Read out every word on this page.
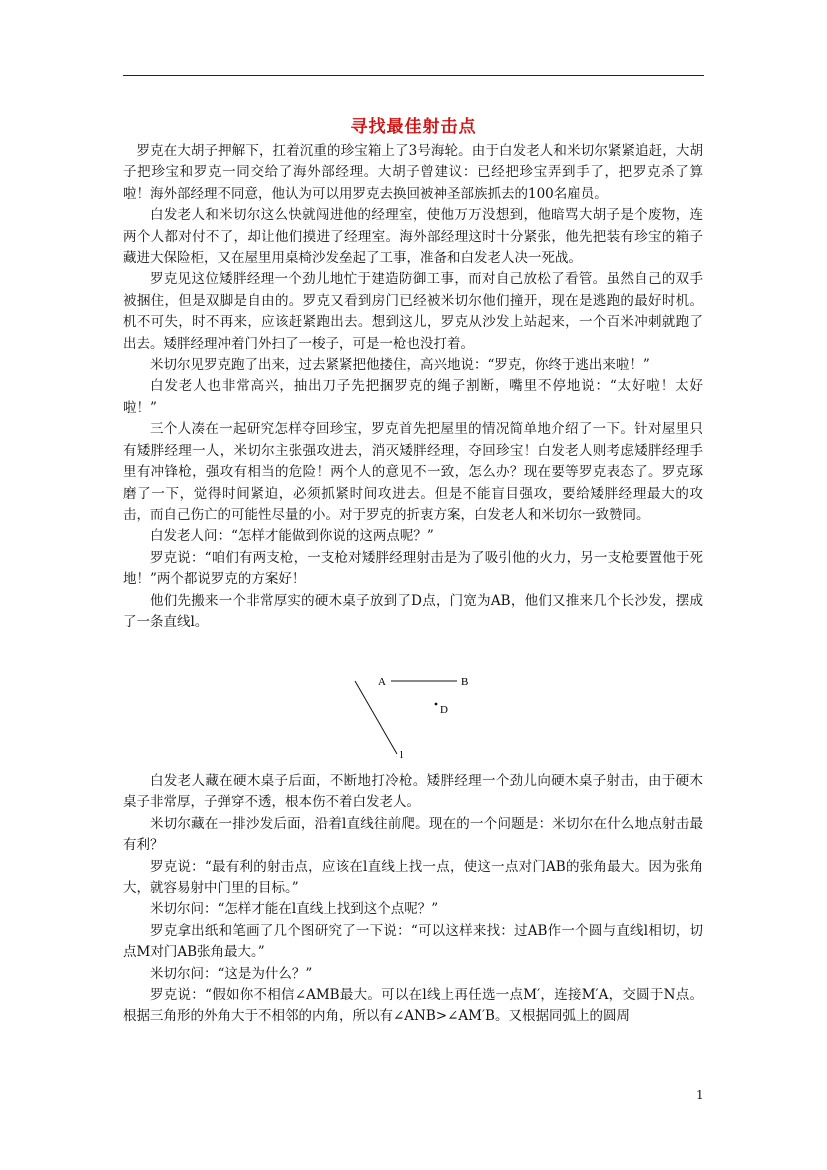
寻找最佳射击点

罗克在大胡子押解下，扛着沉重的珍宝箱上了3号海轮。由于白发老人和米切尔紧紧追赶，大胡子把珍宝和罗克一同交给了海外部经理。大胡子曾建议：已经把珍宝弄到手了，把罗克杀了算啦！海外部经理不同意，他认为可以用罗克去换回被神圣部族抓去的100名雇员。

白发老人和米切尔这么快就闯进他的经理室，使他万万没想到，他暗骂大胡子是个废物，连两个人都对付不了，却让他们摸进了经理室。海外部经理这时十分紧张，他先把装有珍宝的箱子藏进大保险柜，又在屋里用桌椅沙发垒起了工事，准备和白发老人决一死战。

罗克见这位矮胖经理一个劲儿地忙于建造防御工事，而对自己放松了看管。虽然自己的双手被捆住，但是双脚是自由的。罗克又看到房门已经被米切尔他们撞开，现在是逃跑的最好时机。机不可失，时不再来，应该赶紧跑出去。想到这儿，罗克从沙发上站起来，一个百米冲刺就跑了出去。矮胖经理冲着门外扫了一梭子，可是一枪也没打着。

米切尔见罗克跑了出来，过去紧紧把他搂住，高兴地说：“罗克，你终于逃出来啦！”

白发老人也非常高兴，抽出刀子先把捆罗克的绳子割断，嘴里不停地说：“太好啦！太好啦！”

三个人凑在一起研究怎样夺回珍宝，罗克首先把屋里的情况简单地介绍了一下。针对屋里只有矮胖经理一人，米切尔主张强攻进去，消灭矮胖经理，夺回珍宝！白发老人则考虑矮胖经理手里有冲锋枪，强攻有相当的危险！两个人的意见不一致，怎么办？现在要等罗克表态了。罗克琢磨了一下，觉得时间紧迫，必须抓紧时间攻进去。但是不能盲目强攻，要给矮胖经理最大的攻击，而自己伤亡的可能性尽量的小。对于罗克的折衷方案，白发老人和米切尔一致赞同。

白发老人问：“怎样才能做到你说的这两点呢？”

罗克说：“咱们有两支枪，一支枪对矮胖经理射击是为了吸引他的火力，另一支枪要置他于死地！”两个都说罗克的方案好！

他们先搬来一个非常厚实的硬木桌子放到了D点，门宽为AB，他们又推来几个长沙发，摆成了一条直线l。

A	B
D
l

白发老人藏在硬木桌子后面，不断地打冷枪。矮胖经理一个劲儿向硬木桌子射击，由于硬木桌子非常厚，子弹穿不透，根本伤不着白发老人。

米切尔藏在一排沙发后面，沿着l直线往前爬。现在的一个问题是：米切尔在什么地点射击最有利？

罗克说：“最有利的射击点，应该在l直线上找一点，使这一点对门AB的张角最大。因为张角大，就容易射中门里的目标。”

米切尔问：“怎样才能在l直线上找到这个点呢？”

罗克拿出纸和笔画了几个图研究了一下说：“可以这样来找：过AB作一个圆与直线l相切，切点M对门AB张角最大。”

米切尔问：“这是为什么？”

罗克说：“假如你不相信∠AMB最大。可以在l线上再任选一点M′，连接M′A，交圆于N点。根据三角形的外角大于不相邻的内角，所以有∠ANB>∠AM′B。又根据同弧上的圆周

1
